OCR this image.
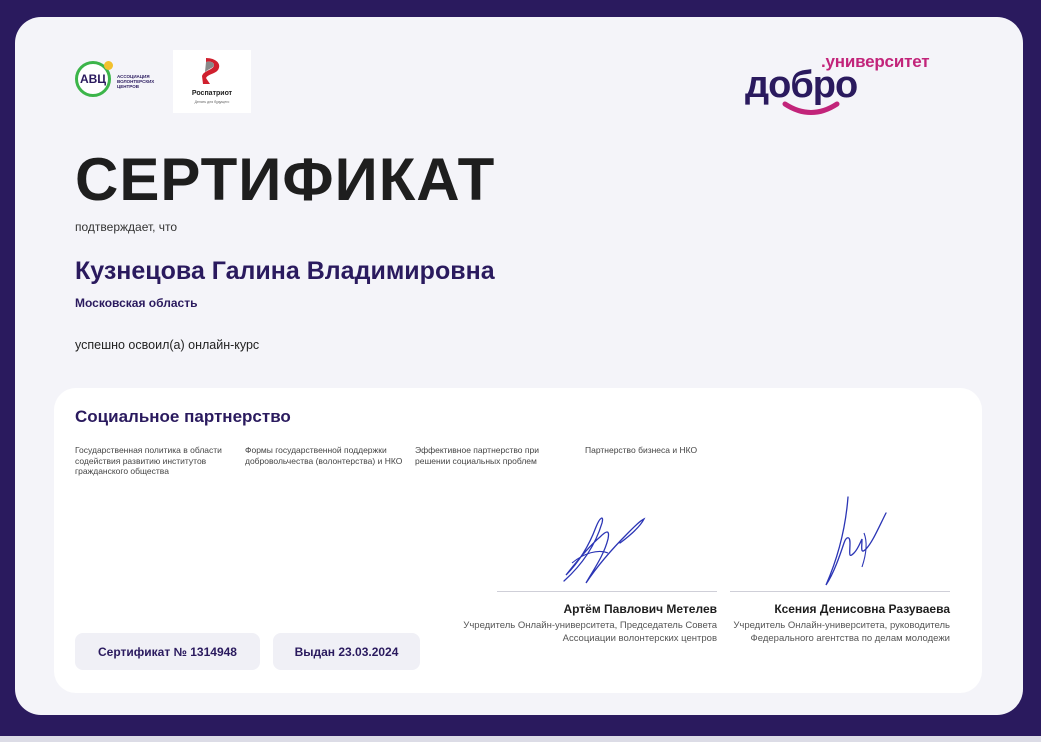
АВЦ АССОЦИАЦИЯ ВОЛОНТЕРСКИХ ЦЕНТРОВ
Роспатриот
Делать для будущего
.университет
добро
СЕРТИФИКАТ
подтверждает, что
Кузнецова Галина Владимировна
Московская область
успешно освоил(а) онлайн-курс
Социальное партнерство
Государственная политика в области содействия развитию институтов гражданского общества
Формы государственной поддержки добровольчества (волонтерства) и НКО
Эффективное партнерство при решении социальных проблем
Партнерство бизнеса и НКО
Артём Павлович Метелев
Учредитель Онлайн-университета, Председатель Совета Ассоциации волонтерских центров
Ксения Денисовна Разуваева
Учредитель Онлайн-университета, руководитель Федерального агентства по делам молодежи
Сертификат № 1314948	Выдан 23.03.2024
